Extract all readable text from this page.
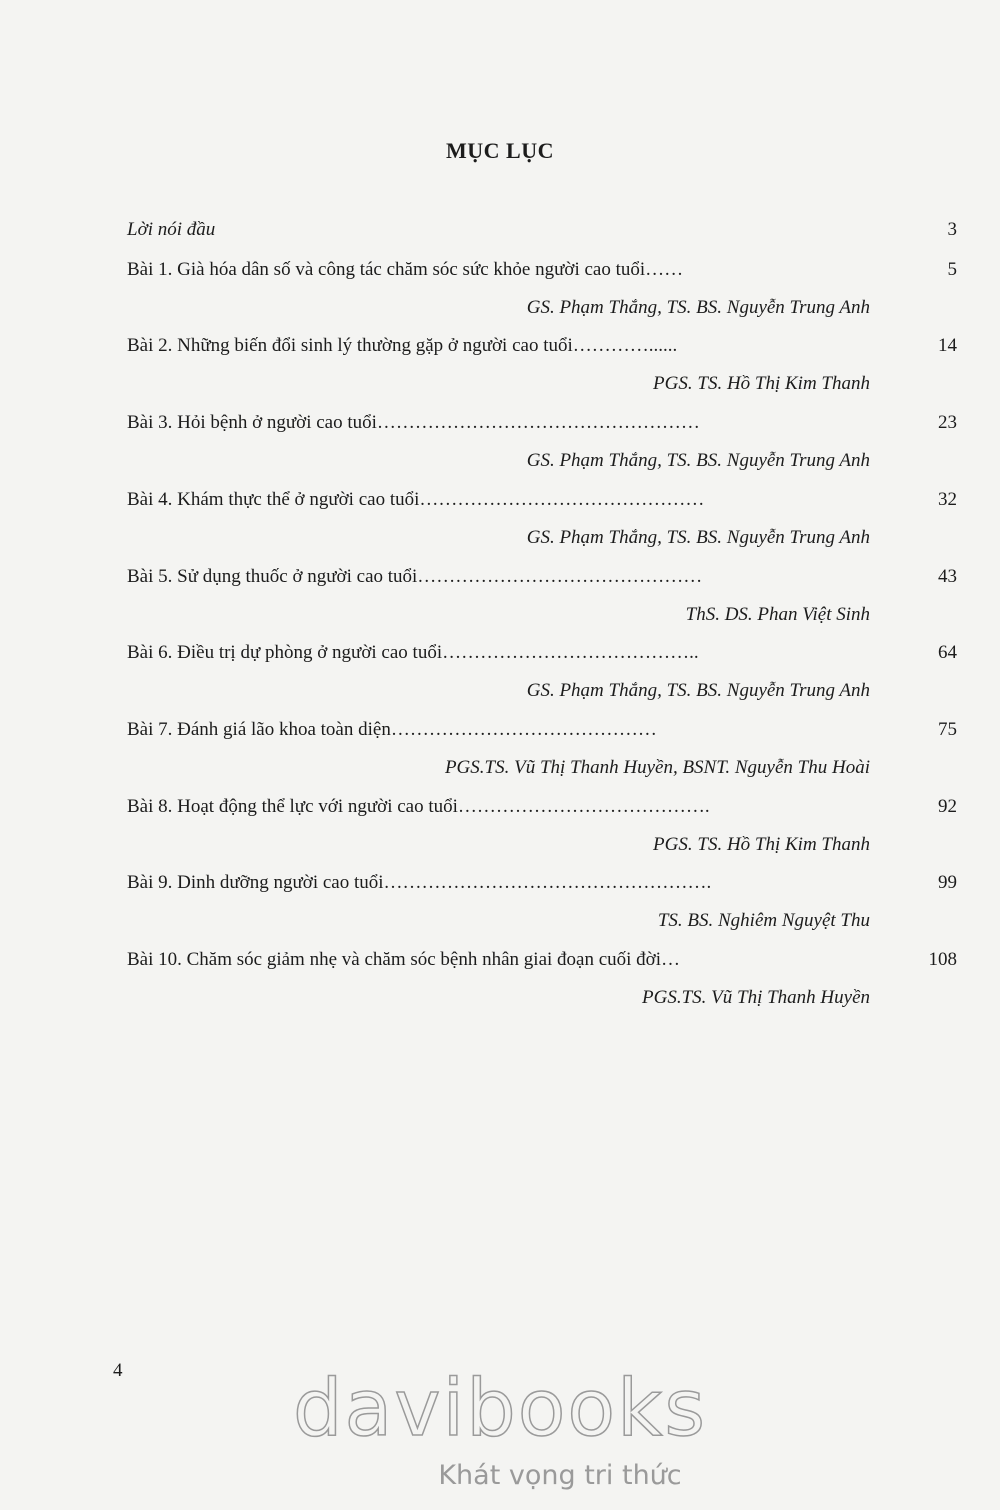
MỤC LỤC
Lời nói đầu	3
Bài 1. Già hóa dân số và công tác chăm sóc sức khỏe người cao tuổi……	5
GS. Phạm Thắng, TS. BS. Nguyễn Trung Anh
Bài 2. Những biến đổi sinh lý thường gặp ở người cao tuổi…………......	14
PGS. TS. Hồ Thị Kim Thanh
Bài 3. Hỏi bệnh ở người cao tuổi……………………………………………	23
GS. Phạm Thắng, TS. BS. Nguyễn Trung Anh
Bài 4. Khám thực thể ở người cao tuổi………………………………………	32
GS. Phạm Thắng, TS. BS. Nguyễn Trung Anh
Bài 5. Sử dụng thuốc ở người cao tuổi………………………………………	43
ThS. DS. Phan Việt Sinh
Bài 6. Điều trị dự phòng ở người cao tuổi…………………………………..	64
GS. Phạm Thắng, TS. BS. Nguyễn Trung Anh
Bài 7. Đánh giá lão khoa toàn diện……………………………………	75
PGS.TS. Vũ Thị Thanh Huyền, BSNT. Nguyễn Thu Hoài
Bài 8. Hoạt động thể lực với người cao tuổi………………………………….	92
PGS. TS. Hồ Thị Kim Thanh
Bài 9. Dinh dưỡng người cao tuổi…………………………………………….	99
TS. BS. Nghiêm Nguyệt Thu
Bài 10. Chăm sóc giảm nhẹ và chăm sóc bệnh nhân giai đoạn cuối đời…	108
PGS.TS. Vũ Thị Thanh Huyền
4	davibooks
Khát vọng tri thức
